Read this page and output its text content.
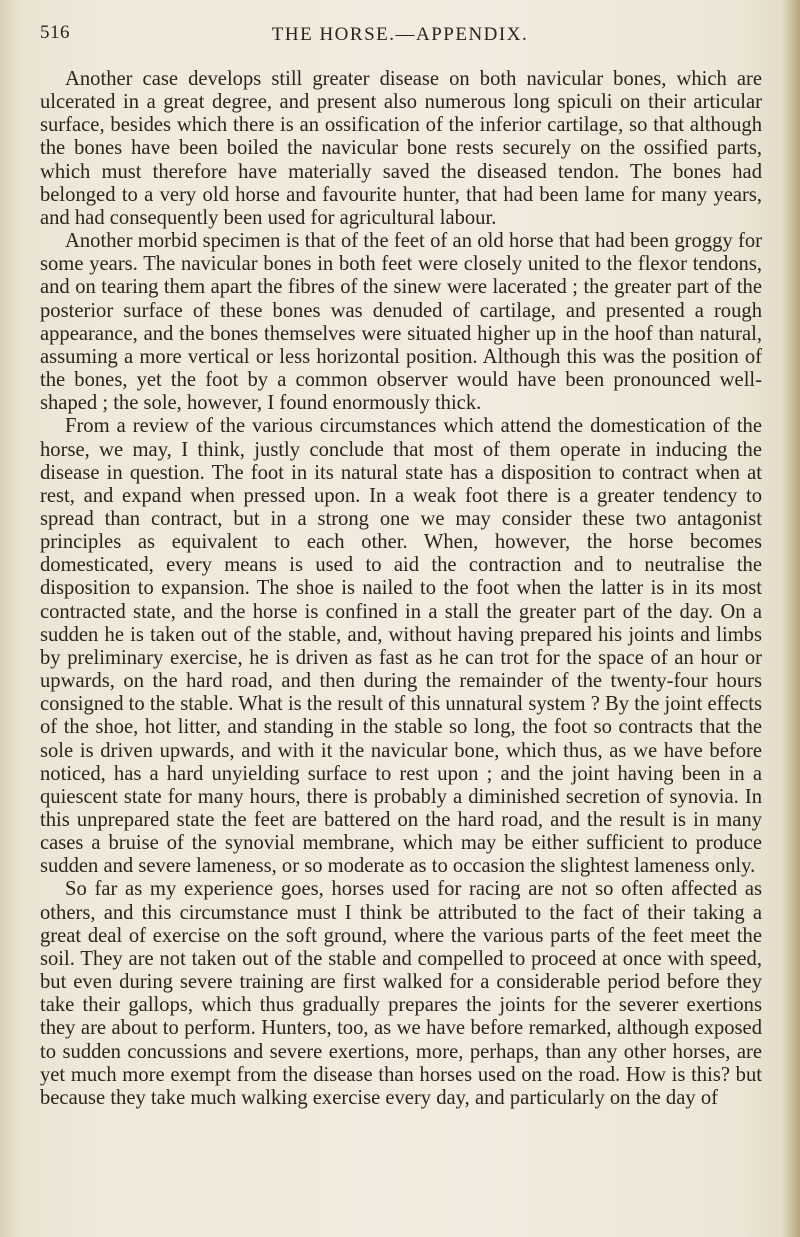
516	THE HORSE.—APPENDIX.

Another case develops still greater disease on both navicular bones, which are ulcerated in a great degree, and present also numerous long spiculi on their articular surface, besides which there is an ossification of the inferior cartilage, so that although the bones have been boiled the navicular bone rests securely on the ossified parts, which must therefore have materially saved the diseased tendon. The bones had belonged to a very old horse and favourite hunter, that had been lame for many years, and had consequently been used for agricultural labour.

Another morbid specimen is that of the feet of an old horse that had been groggy for some years. The navicular bones in both feet were closely united to the flexor tendons, and on tearing them apart the fibres of the sinew were lacerated ; the greater part of the posterior surface of these bones was denuded of cartilage, and presented a rough appearance, and the bones themselves were situated higher up in the hoof than natural, assuming a more vertical or less horizontal position. Although this was the position of the bones, yet the foot by a common observer would have been pronounced well-shaped ; the sole, however, I found enormously thick.

From a review of the various circumstances which attend the domestication of the horse, we may, I think, justly conclude that most of them operate in inducing the disease in question. The foot in its natural state has a disposition to contract when at rest, and expand when pressed upon. In a weak foot there is a greater tendency to spread than contract, but in a strong one we may consider these two antagonist principles as equivalent to each other. When, however, the horse becomes domesticated, every means is used to aid the contraction and to neutralise the disposition to expansion. The shoe is nailed to the foot when the latter is in its most contracted state, and the horse is confined in a stall the greater part of the day. On a sudden he is taken out of the stable, and, without having prepared his joints and limbs by preliminary exercise, he is driven as fast as he can trot for the space of an hour or upwards, on the hard road, and then during the remainder of the twenty-four hours consigned to the stable. What is the result of this unnatural system ? By the joint effects of the shoe, hot litter, and standing in the stable so long, the foot so contracts that the sole is driven upwards, and with it the navicular bone, which thus, as we have before noticed, has a hard unyielding surface to rest upon ; and the joint having been in a quiescent state for many hours, there is probably a diminished secretion of synovia. In this unprepared state the feet are battered on the hard road, and the result is in many cases a bruise of the synovial membrane, which may be either sufficient to produce sudden and severe lameness, or so moderate as to occasion the slightest lameness only.

So far as my experience goes, horses used for racing are not so often affected as others, and this circumstance must I think be attributed to the fact of their taking a great deal of exercise on the soft ground, where the various parts of the feet meet the soil. They are not taken out of the stable and compelled to proceed at once with speed, but even during severe training are first walked for a considerable period before they take their gallops, which thus gradually prepares the joints for the severer exertions they are about to perform. Hunters, too, as we have before remarked, although exposed to sudden concussions and severe exertions, more, perhaps, than any other horses, are yet much more exempt from the disease than horses used on the road. How is this? but because they take much walking exercise every day, and particularly on the day of
